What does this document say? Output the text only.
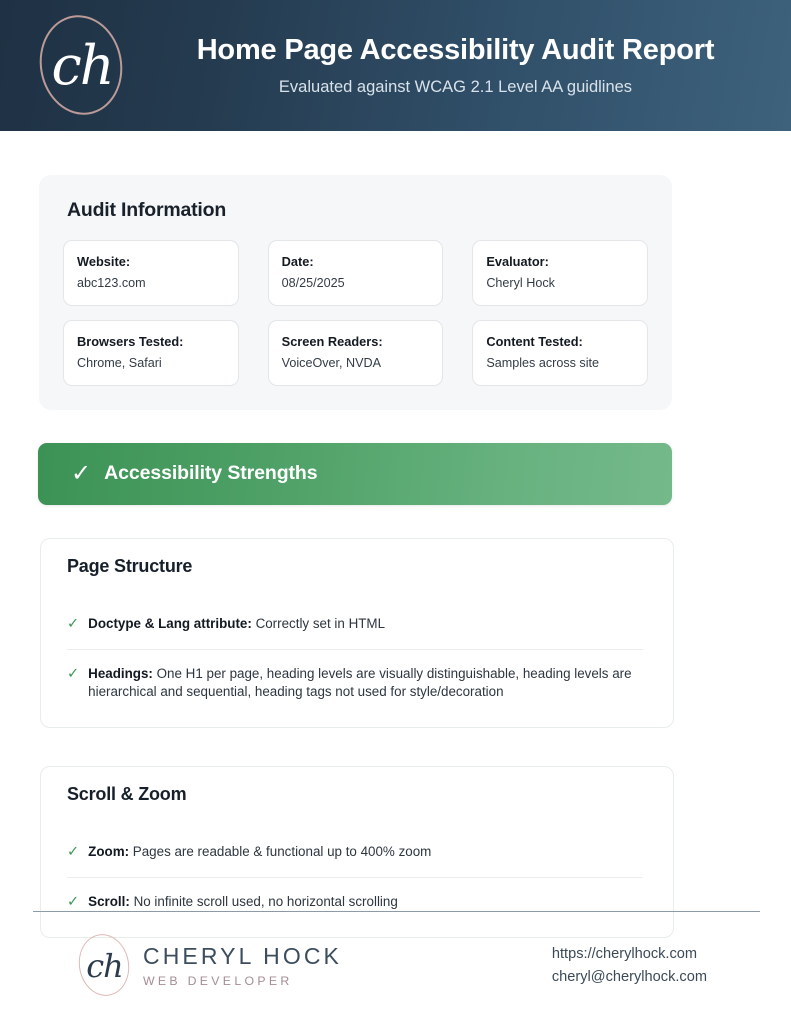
ch	Home Page Accessibility Audit Report
Evaluated against WCAG 2.1 Level AA guidlines
Audit Information
Website:
abc123.com
Date:
08/25/2025
Evaluator:
Cheryl Hock
Browsers Tested:
Chrome, Safari
Screen Readers:
VoiceOver, NVDA
Content Tested:
Samples across site
✓ Accessibility Strengths
Page Structure
✓ Doctype & Lang attribute: Correctly set in HTML
✓ Headings: One H1 per page, heading levels are visually distinguishable, heading levels are hierarchical and sequential, heading tags not used for style/decoration
Scroll & Zoom
✓ Zoom: Pages are readable & functional up to 400% zoom
✓ Scroll: No infinite scroll used, no horizontal scrolling
ch CHERYL HOCK
WEB DEVELOPER
https://cherylhock.com
cheryl@cherylhock.com
